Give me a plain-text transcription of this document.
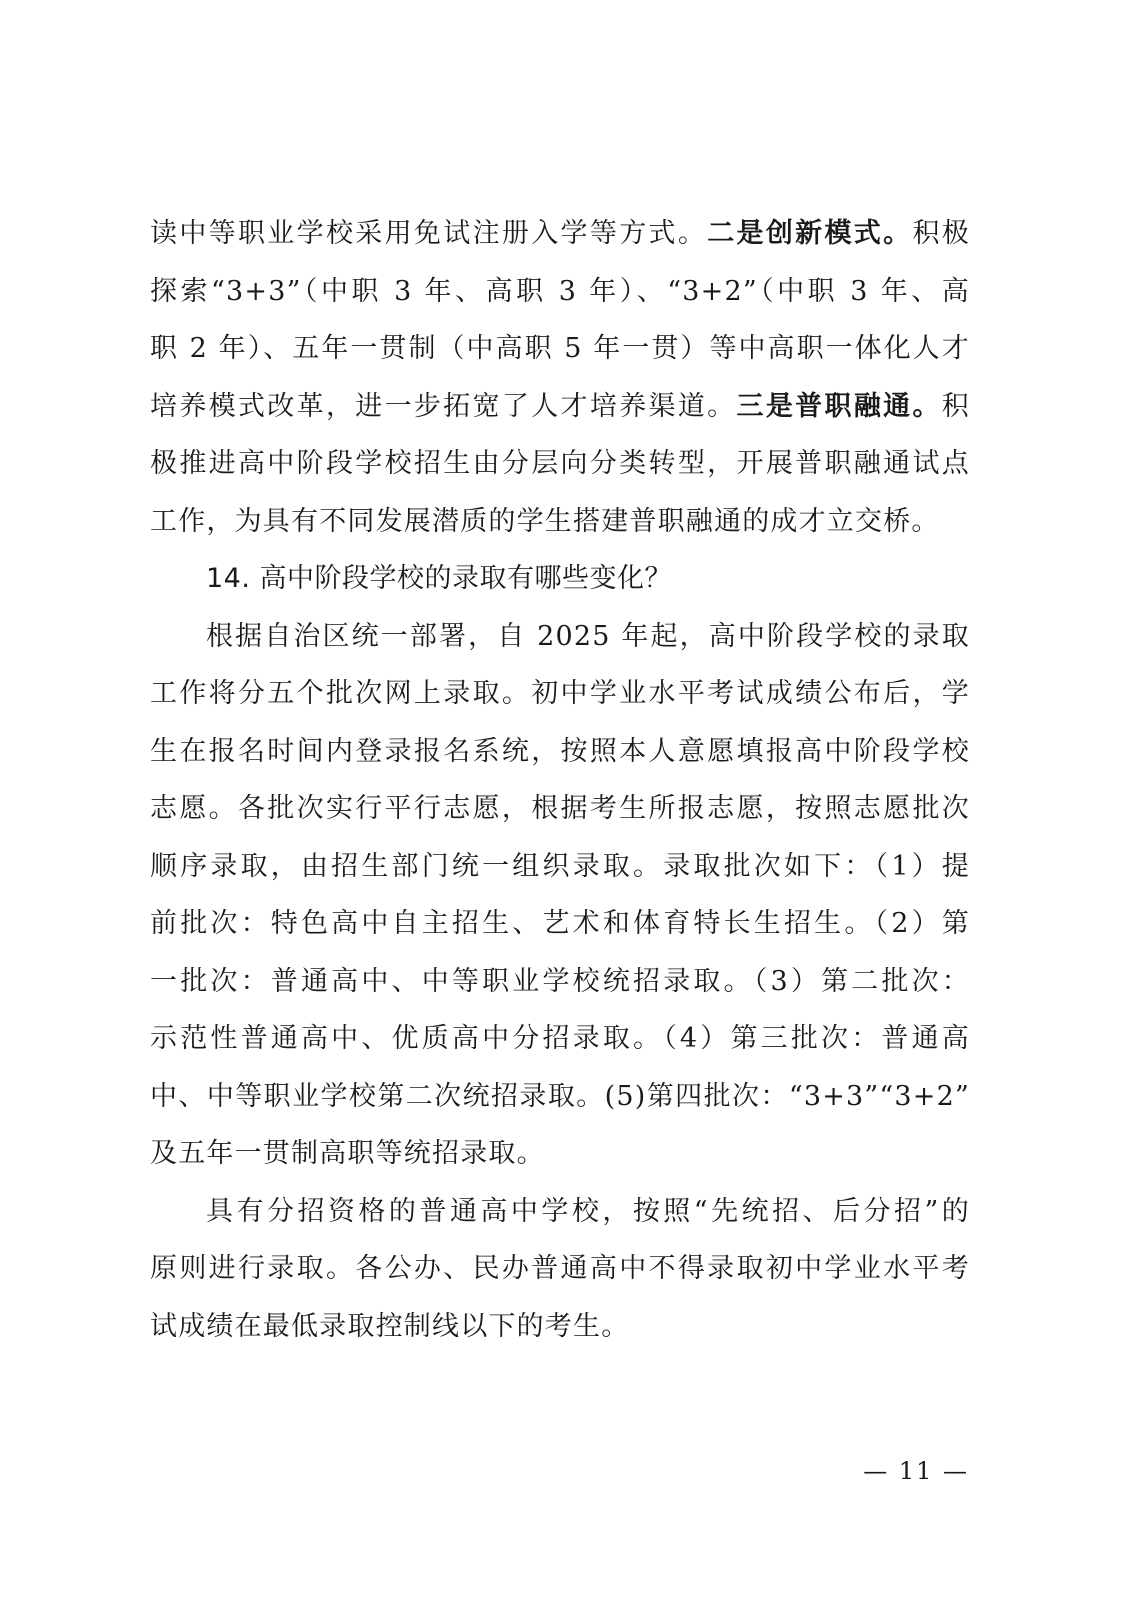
读中等职业学校采用免试注册入学等方式。二是创新模式。积极
探索“3+3”（中职 3 年、高职 3 年）、“3+2”（中职 3 年、高
职 2 年）、五年一贯制（中高职 5 年一贯）等中高职一体化人才
培养模式改革，进一步拓宽了人才培养渠道。三是普职融通。积
极推进高中阶段学校招生由分层向分类转型，开展普职融通试点
工作，为具有不同发展潜质的学生搭建普职融通的成才立交桥。

14. 高中阶段学校的录取有哪些变化？

根据自治区统一部署，自 2025 年起，高中阶段学校的录取
工作将分五个批次网上录取。初中学业水平考试成绩公布后，学
生在报名时间内登录报名系统，按照本人意愿填报高中阶段学校
志愿。各批次实行平行志愿，根据考生所报志愿，按照志愿批次
顺序录取，由招生部门统一组织录取。录取批次如下：（1）提
前批次：特色高中自主招生、艺术和体育特长生招生。（2）第
一批次：普通高中、中等职业学校统招录取。（3）第二批次：
示范性普通高中、优质高中分招录取。（4）第三批次：普通高
中、中等职业学校第二次统招录取。(5)第四批次：“3+3”“3+2”
及五年一贯制高职等统招录取。

具有分招资格的普通高中学校，按照“先统招、后分招”的
原则进行录取。各公办、民办普通高中不得录取初中学业水平考
试成绩在最低录取控制线以下的考生。

— 11 —
